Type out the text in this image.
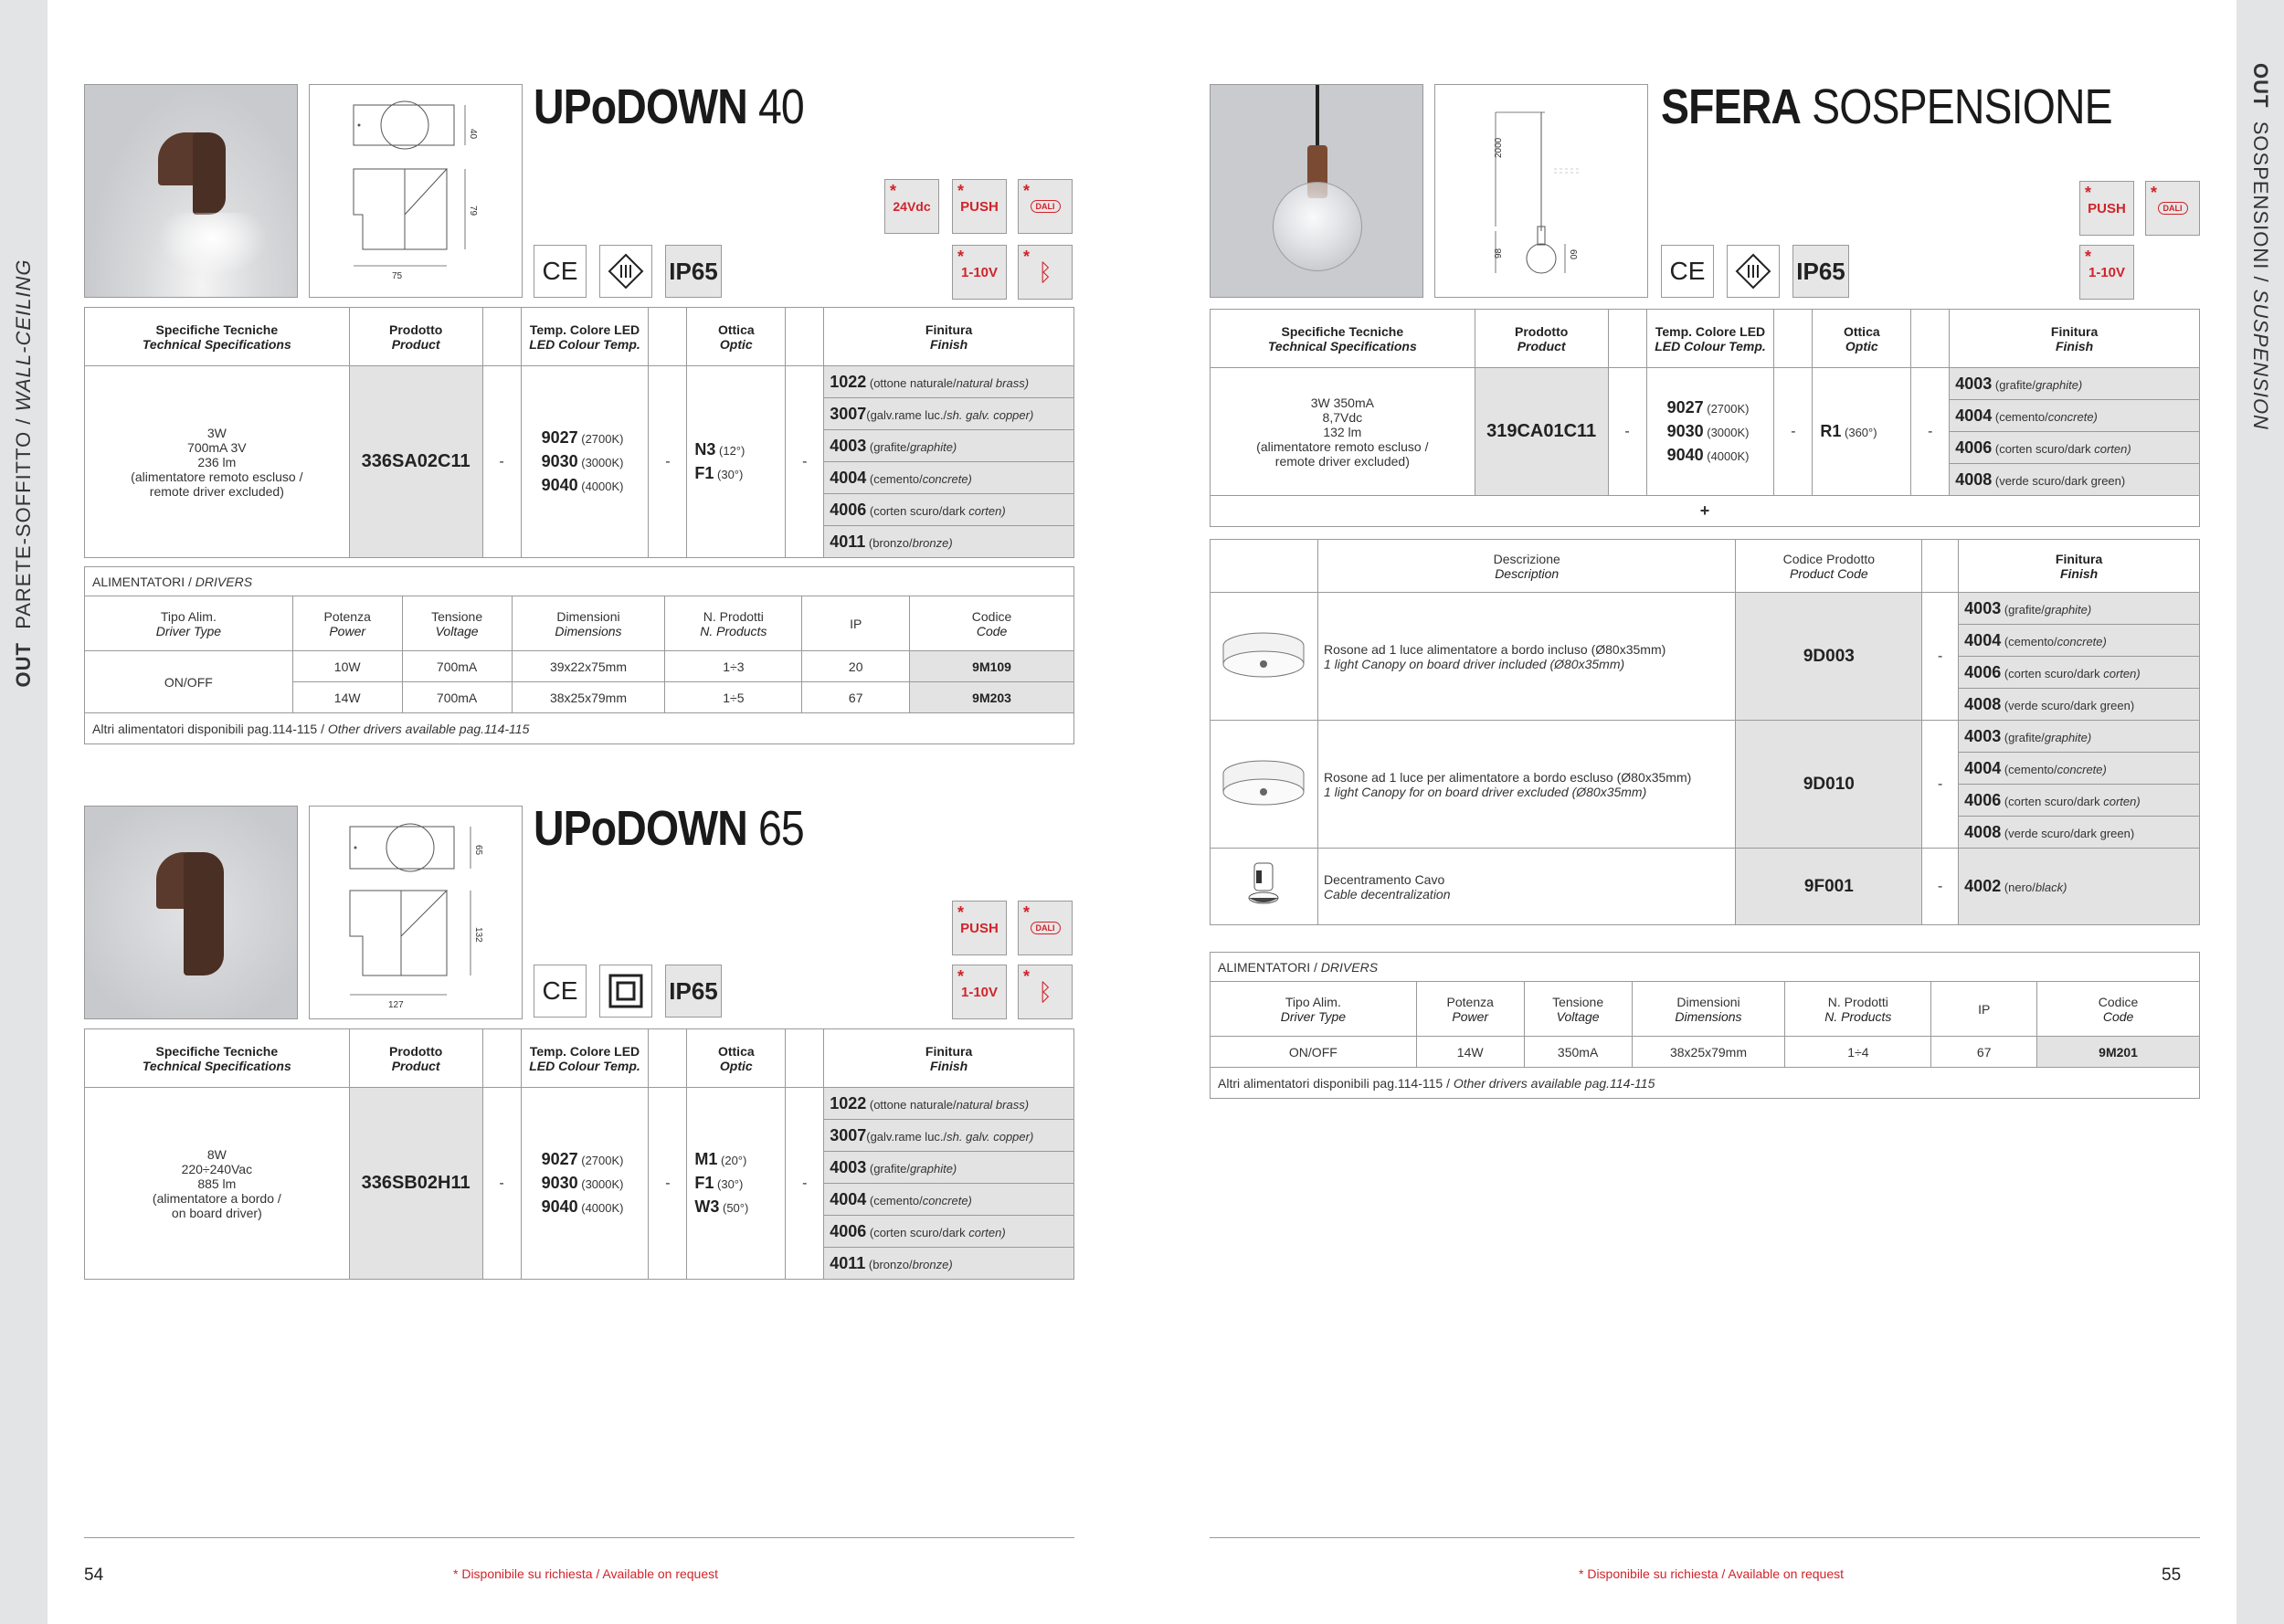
OUT  PARETE-SOFFITTO / WALL-CEILING
40
79
75
UPoDOWN 40
*
24Vdc
*
PUSH
*
DALI
*
1-10V
*
ᛒ
CE	IP65
Specifiche Tecniche
Technical Specifications	Prodotto
Product		Temp. Colore LED
LED Colour Temp.		Ottica
Optic		Finitura
Finish
3W
700mA 3V
236 lm
(alimentatore remoto escluso /
remote driver excluded)	336SA02C11	-	9027 (2700K)
9030 (3000K)
9040 (4000K)	-	N3 (12°)
F1 (30°)	-	1022 (ottone naturale/natural brass)
							3007(galv.rame luc./sh. galv. copper)
							4003 (grafite/graphite)
							4004 (cemento/concrete)
							4006 (corten scuro/dark corten)
							4011 (bronzo/bronze)
ALIMENTATORI / DRIVERS						
Tipo Alim.
Driver Type	Potenza
Power	Tensione
Voltage	Dimensioni
Dimensions	N. Prodotti
N. Products	IP	Codice
Code
ON/OFF	10W	700mA	39x22x75mm	1÷3	20	9M109
	14W	700mA	38x25x79mm	1÷5	67	9M203
Altri alimentatori disponibili pag.114-115 / Other drivers available pag.114-115						
65
132
127
UPoDOWN 65
*
PUSH
*
DALI
*
1-10V
*
ᛒ
CE	IP65
Specifiche Tecniche
Technical Specifications	Prodotto
Product		Temp. Colore LED
LED Colour Temp.		Ottica
Optic		Finitura
Finish
8W
220÷240Vac
885 lm
(alimentatore a bordo /
on board driver)	336SB02H11	-	9027 (2700K)
9030 (3000K)
9040 (4000K)	-	M1 (20°)
F1 (30°)
W3 (50°)	-	1022 (ottone naturale/natural brass)
							3007(galv.rame luc./sh. galv. copper)
							4003 (grafite/graphite)
							4004 (cemento/concrete)
							4006 (corten scuro/dark corten)
							4011 (bronzo/bronze)
54	* Disponibile su richiesta / Available on request
OUT  SOSPENSIONI / SUSPENSION
2000
98	60
SFERA SOSPENSIONE
*
PUSH
*
DALI
*
1-10V
CE	IP65
Specifiche Tecniche
Technical Specifications	Prodotto
Product		Temp. Colore LED
LED Colour Temp.		Ottica
Optic		Finitura
Finish
3W 350mA
8,7Vdc
132 lm
(alimentatore remoto escluso /
remote driver excluded)	319CA01C11	-	9027 (2700K)
9030 (3000K)
9040 (4000K)	-	R1 (360°)	-	4003 (grafite/graphite)
							4004 (cemento/concrete)
							4006 (corten scuro/dark corten)
							4008 (verde scuro/dark green)
+							
	Descrizione
Description	Codice Prodotto
Product Code		Finitura
Finish
	Rosone ad 1 luce alimentatore a bordo incluso (Ø80x35mm)
1 light Canopy on board driver included (Ø80x35mm)	9D003	-	4003 (grafite/graphite)
				4004 (cemento/concrete)
				4006 (corten scuro/dark corten)
				4008 (verde scuro/dark green)
	Rosone ad 1 luce per alimentatore a bordo escluso (Ø80x35mm)
1 light Canopy for on board driver excluded (Ø80x35mm)	9D010	-	4003 (grafite/graphite)
				4004 (cemento/concrete)
				4006 (corten scuro/dark corten)
				4008 (verde scuro/dark green)
	Decentramento Cavo
Cable decentralization	9F001	-	4002 (nero/black)
ALIMENTATORI / DRIVERS						
Tipo Alim.
Driver Type	Potenza
Power	Tensione
Voltage	Dimensioni
Dimensions	N. Prodotti
N. Products	IP	Codice
Code
ON/OFF	14W	350mA	38x25x79mm	1÷4	67	9M201
Altri alimentatori disponibili pag.114-115 / Other drivers available pag.114-115						
* Disponibile su richiesta / Available on request	55
